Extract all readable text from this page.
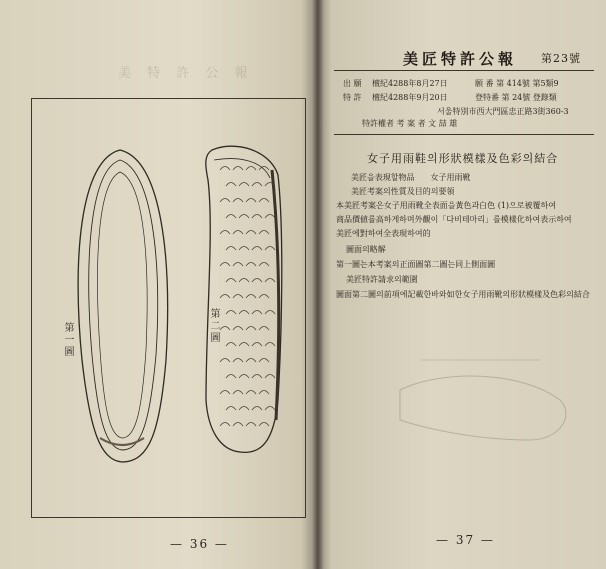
美 特 許 公 報
第一圖	第二圖
— 36 —
美匠特許公報 第23號
出 願 檀紀4288年8月27日	願 番 第 414號 第5類9
特 許 檀紀4288年9月20日	登特番 第 24號 登錄類
서울特別市西大門區忠正路3街360-3
特許權者 考 案 者 文 喆 雄
女子用雨鞋의形狀模樣及色彩의結合
美匠을表現할物品　　女子用雨靴
美匠考案의性質及目的의要領
本美匠考案은女子用雨靴全表面을黃色과白色 (1)으로被覆하여
商品價値를高하게하며外觀이「다비테마리」를模樣化하여表示하여
美匠에對하여全表現하여的
圖面의略解
第一圖는本考案의正面圖第二圖는同上側面圖
美匠特許請求의範圍
圖面第二圖의前項에記載한바와如한女子用雨靴의形狀模樣及色彩의結合
— 37 —
